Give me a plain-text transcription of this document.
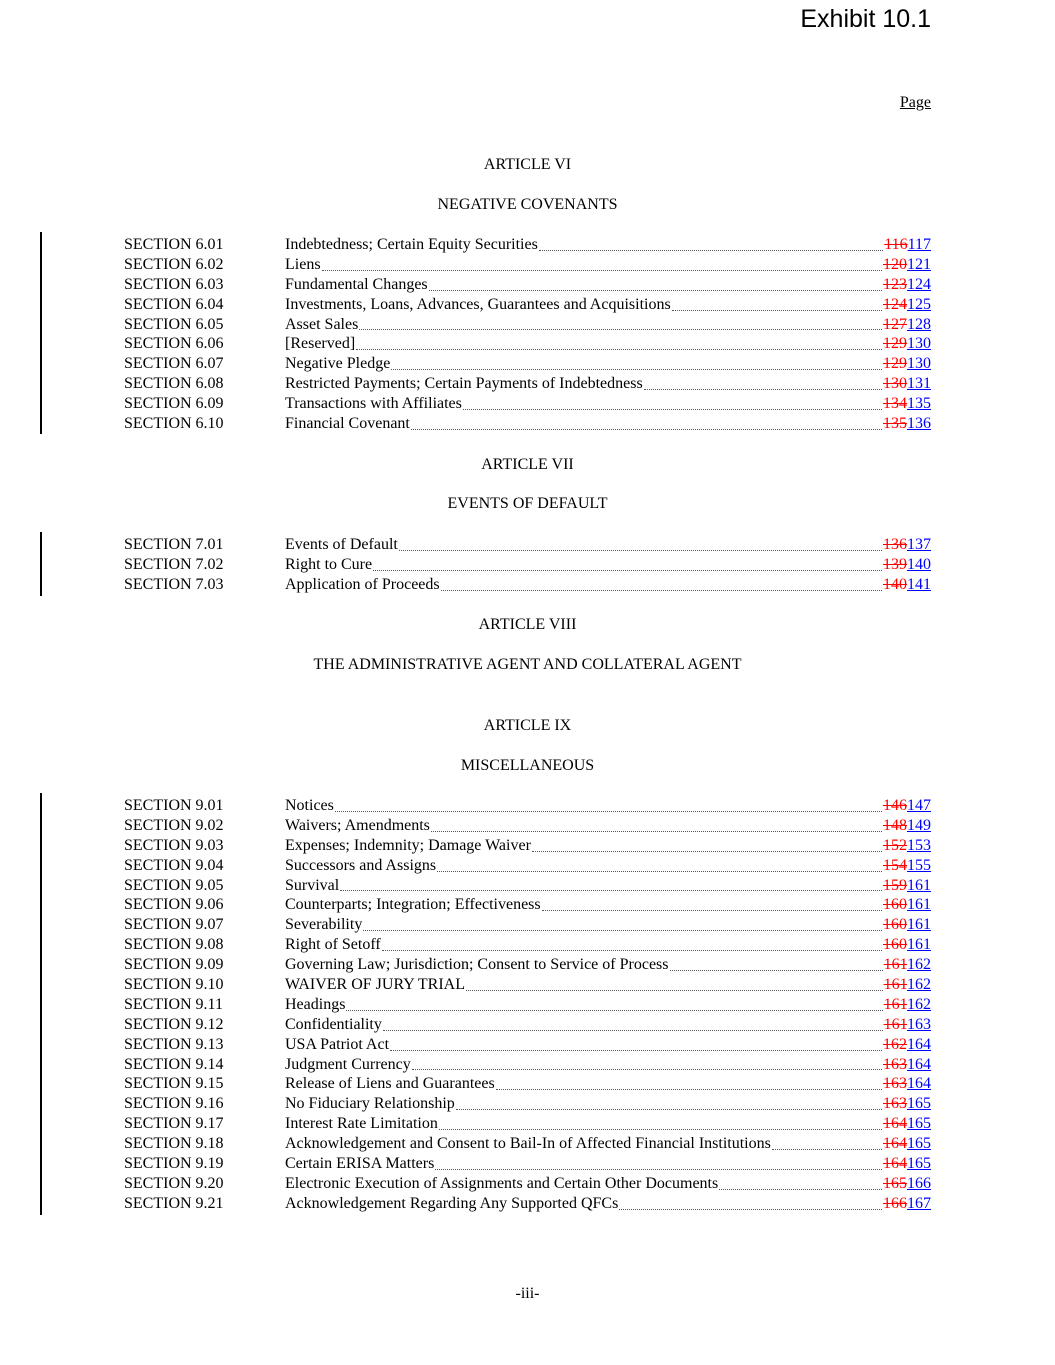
Exhibit 10.1
Page
ARTICLE VI
NEGATIVE COVENANTS
SECTION 6.01	Indebtedness; Certain Equity Securities	116117
SECTION 6.02	Liens	120121
SECTION 6.03	Fundamental Changes	123124
SECTION 6.04	Investments, Loans, Advances, Guarantees and Acquisitions	124125
SECTION 6.05	Asset Sales	127128
SECTION 6.06	[Reserved]	129130
SECTION 6.07	Negative Pledge	129130
SECTION 6.08	Restricted Payments; Certain Payments of Indebtedness	130131
SECTION 6.09	Transactions with Affiliates	134135
SECTION 6.10	Financial Covenant	135136
ARTICLE VII
EVENTS OF DEFAULT
SECTION 7.01	Events of Default	136137
SECTION 7.02	Right to Cure	139140
SECTION 7.03	Application of Proceeds	140141
ARTICLE VIII
THE ADMINISTRATIVE AGENT AND COLLATERAL AGENT
ARTICLE IX
MISCELLANEOUS
SECTION 9.01	Notices	146147
SECTION 9.02	Waivers; Amendments	148149
SECTION 9.03	Expenses; Indemnity; Damage Waiver	152153
SECTION 9.04	Successors and Assigns	154155
SECTION 9.05	Survival	159161
SECTION 9.06	Counterparts; Integration; Effectiveness	160161
SECTION 9.07	Severability	160161
SECTION 9.08	Right of Setoff	160161
SECTION 9.09	Governing Law; Jurisdiction; Consent to Service of Process	161162
SECTION 9.10	WAIVER OF JURY TRIAL	161162
SECTION 9.11	Headings	161162
SECTION 9.12	Confidentiality	161163
SECTION 9.13	USA Patriot Act	162164
SECTION 9.14	Judgment Currency	163164
SECTION 9.15	Release of Liens and Guarantees	163164
SECTION 9.16	No Fiduciary Relationship	163165
SECTION 9.17	Interest Rate Limitation	164165
SECTION 9.18	Acknowledgement and Consent to Bail-In of Affected Financial Institutions	164165
SECTION 9.19	Certain ERISA Matters	164165
SECTION 9.20	Electronic Execution of Assignments and Certain Other Documents	165166
SECTION 9.21	Acknowledgement Regarding Any Supported QFCs	166167
-iii-
